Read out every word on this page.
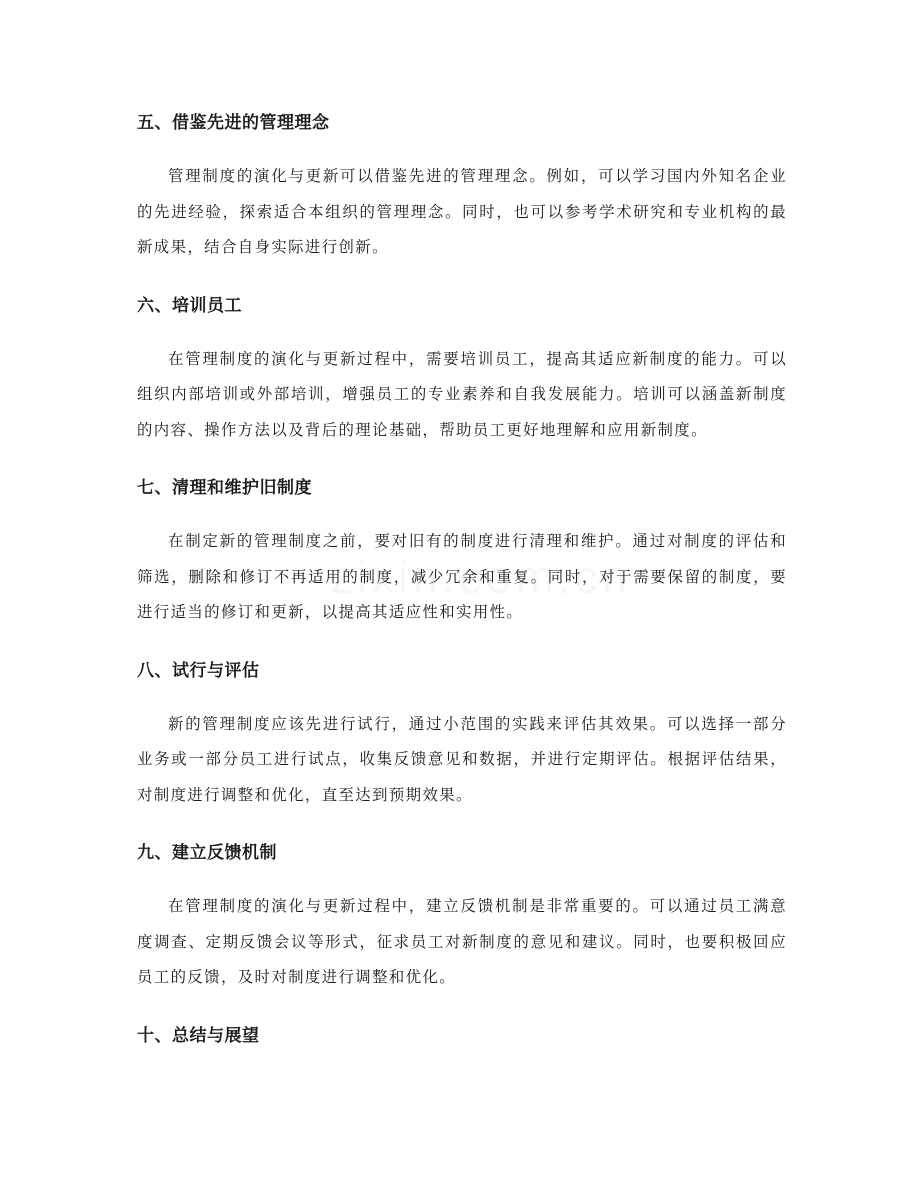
五、借鉴先进的管理理念

管理制度的演化与更新可以借鉴先进的管理理念。例如，可以学习国内外知名企业的先进经验，探索适合本组织的管理理念。同时，也可以参考学术研究和专业机构的最新成果，结合自身实际进行创新。

六、培训员工

在管理制度的演化与更新过程中，需要培训员工，提高其适应新制度的能力。可以组织内部培训或外部培训，增强员工的专业素养和自我发展能力。培训可以涵盖新制度的内容、操作方法以及背后的理论基础，帮助员工更好地理解和应用新制度。

七、清理和维护旧制度

在制定新的管理制度之前，要对旧有的制度进行清理和维护。通过对制度的评估和筛选，删除和修订不再适用的制度，减少冗余和重复。同时，对于需要保留的制度，要进行适当的修订和更新，以提高其适应性和实用性。

八、试行与评估

新的管理制度应该先进行试行，通过小范围的实践来评估其效果。可以选择一部分业务或一部分员工进行试点，收集反馈意见和数据，并进行定期评估。根据评估结果，对制度进行调整和优化，直至达到预期效果。

九、建立反馈机制

在管理制度的演化与更新过程中，建立反馈机制是非常重要的。可以通过员工满意度调查、定期反馈会议等形式，征求员工对新制度的意见和建议。同时，也要积极回应员工的反馈，及时对制度进行调整和优化。

十、总结与展望
